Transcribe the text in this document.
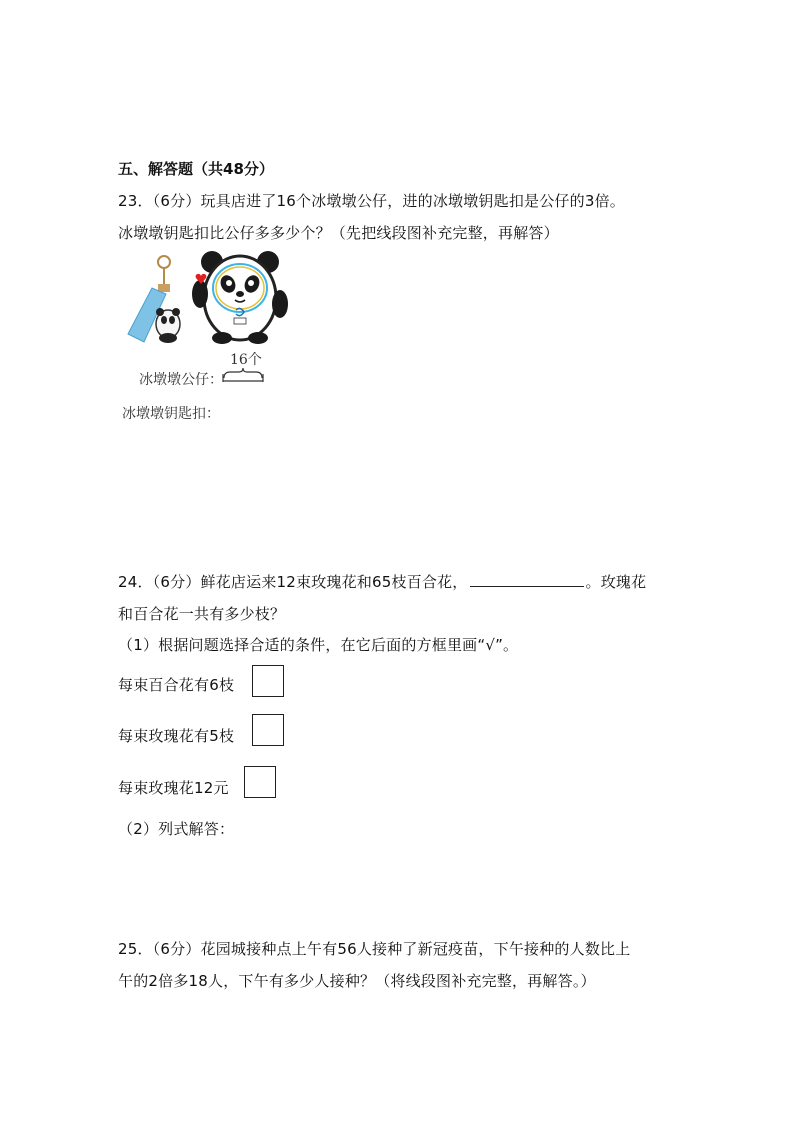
五、解答题（共48分）
23．（6分）玩具店进了16个冰墩墩公仔，进的冰墩墩钥匙扣是公仔的3倍。
冰墩墩钥匙扣比公仔多多少个？（先把线段图补充完整，再解答）
16个
冰墩墩公仔：
冰墩墩钥匙扣：
24．（6分）鲜花店运来12束玫瑰花和65枝百合花，	。玫瑰花
和百合花一共有多少枝？
（1）根据问题选择合适的条件，在它后面的方框里画“√”。
每束百合花有6枝
每束玫瑰花有5枝
每束玫瑰花12元
（2）列式解答：
25．（6分）花园城接种点上午有56人接种了新冠疫苗，下午接种的人数比上
午的2倍多18人，下午有多少人接种？（将线段图补充完整，再解答。）
